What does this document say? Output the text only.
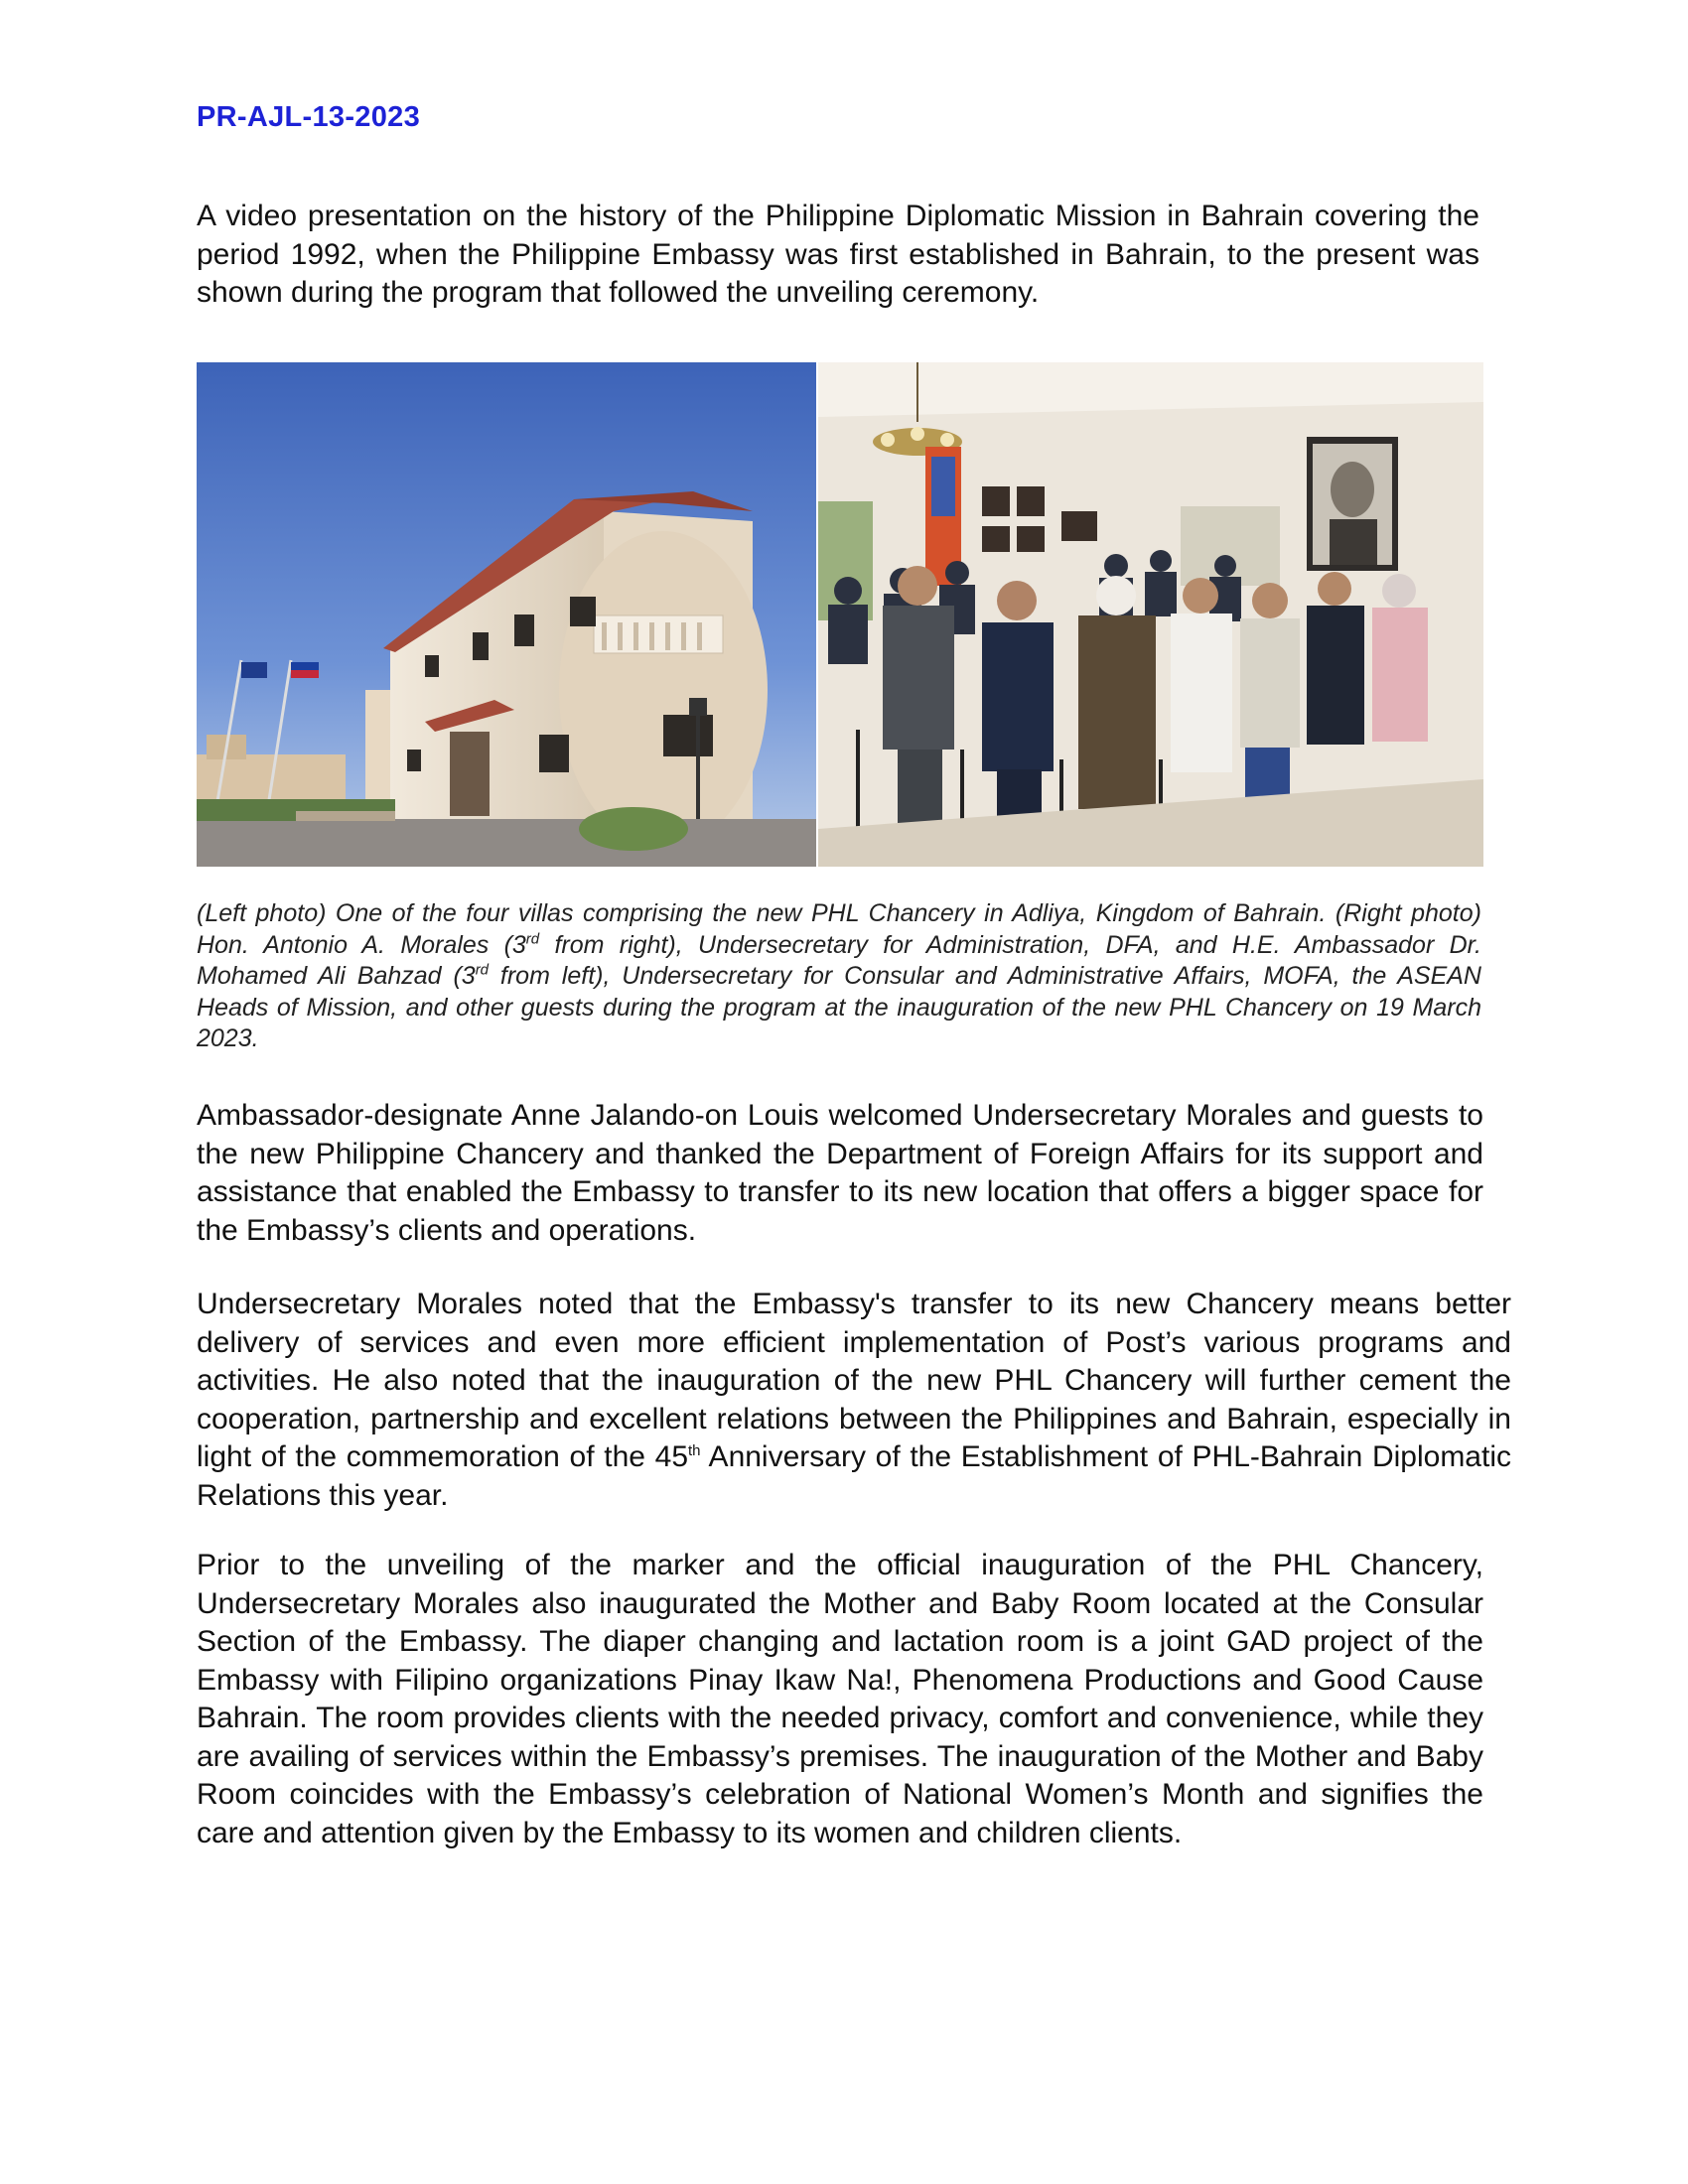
PR-AJL-13-2023

A video presentation on the history of the Philippine Diplomatic Mission in Bahrain covering the period 1992, when the Philippine Embassy was first established in Bahrain, to the present was shown during the program that followed the unveiling ceremony.

(Left photo) One of the four villas comprising the new PHL Chancery in Adliya, Kingdom of Bahrain. (Right photo) Hon. Antonio A. Morales (3rd from right), Undersecretary for Administration, DFA, and H.E. Ambassador Dr. Mohamed Ali Bahzad (3rd from left), Undersecretary for Consular and Administrative Affairs, MOFA, the ASEAN Heads of Mission, and other guests during the program at the inauguration of the new PHL Chancery on 19 March 2023.

Ambassador-designate Anne Jalando-on Louis welcomed Undersecretary Morales and guests to the new Philippine Chancery and thanked the Department of Foreign Affairs for its support and assistance that enabled the Embassy to transfer to its new location that offers a bigger space for the Embassy’s clients and operations.

Undersecretary Morales noted that the Embassy's transfer to its new Chancery means better delivery of services and even more efficient implementation of Post’s various programs and activities. He also noted that the inauguration of the new PHL Chancery will further cement the cooperation, partnership and excellent relations between the Philippines and Bahrain, especially in light of the commemoration of the 45th Anniversary of the Establishment of PHL-Bahrain Diplomatic Relations this year.

Prior to the unveiling of the marker and the official inauguration of the PHL Chancery, Undersecretary Morales also inaugurated the Mother and Baby Room located at the Consular Section of the Embassy. The diaper changing and lactation room is a joint GAD project of the Embassy with Filipino organizations Pinay Ikaw Na!, Phenomena Productions and Good Cause Bahrain. The room provides clients with the needed privacy, comfort and convenience, while they are availing of services within the Embassy’s premises. The inauguration of the Mother and Baby Room coincides with the Embassy’s celebration of National Women’s Month and signifies the care and attention given by the Embassy to its women and children clients.
